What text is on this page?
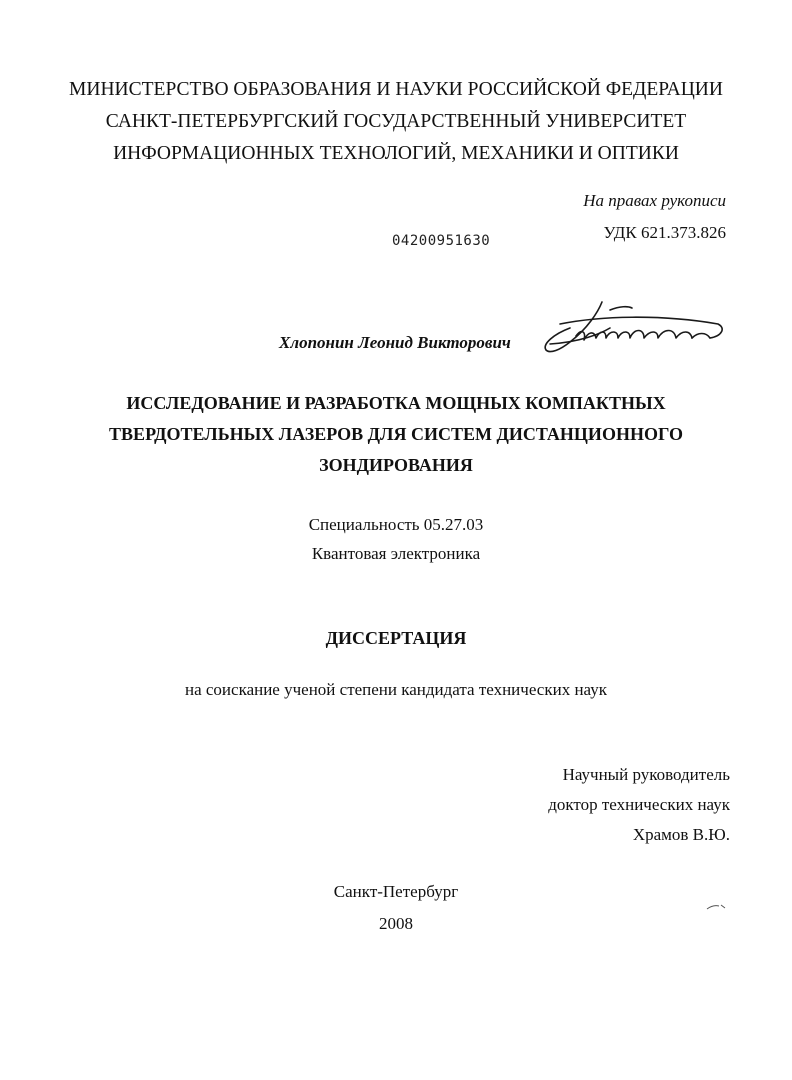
МИНИСТЕРСТВО ОБРАЗОВАНИЯ И НАУКИ РОССИЙСКОЙ ФЕДЕРАЦИИ
САНКТ-ПЕТЕРБУРГСКИЙ ГОСУДАРСТВЕННЫЙ УНИВЕРСИТЕТ
ИНФОРМАЦИОННЫХ ТЕХНОЛОГИЙ, МЕХАНИКИ И ОПТИКИ
На правах рукописи
УДК 621.373.826
04200951630
Хлопонин Леонид Викторович
ИССЛЕДОВАНИЕ И РАЗРАБОТКА МОЩНЫХ КОМПАКТНЫХ
ТВЕРДОТЕЛЬНЫХ ЛАЗЕРОВ ДЛЯ СИСТЕМ ДИСТАНЦИОННОГО
ЗОНДИРОВАНИЯ
Специальность 05.27.03
Квантовая электроника
ДИССЕРТАЦИЯ
на соискание ученой степени кандидата технических наук
Научный руководитель
доктор технических наук
Храмов В.Ю.
Санкт-Петербург
2008
